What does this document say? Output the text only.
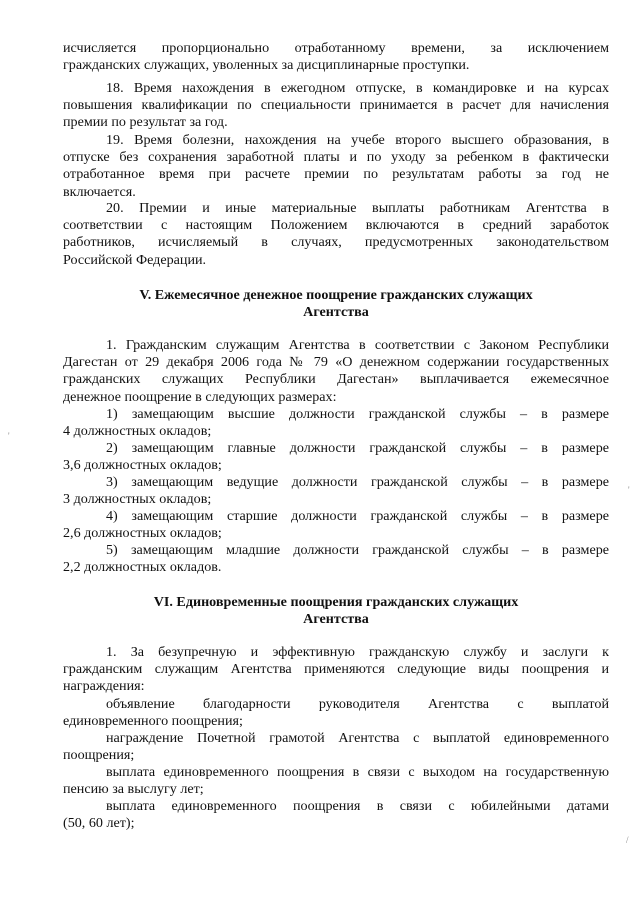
исчисляется пропорционально отработанному времени, за исключением
гражданских служащих, уволенных за дисциплинарные проступки.
18. Время нахождения в ежегодном отпуске, в командировке и на курсах
повышения квалификации по специальности принимается в расчет для начисления
премии по результат за год.
19. Время болезни, нахождения на учебе второго высшего образования, в
отпуске без сохранения заработной платы и по уходу за ребенком в фактически
отработанное время при расчете премии по результатам работы за год не
включается.
20. Премии и иные материальные выплаты работникам Агентства в
соответствии с настоящим Положением включаются в средний заработок
работников, исчисляемый в случаях, предусмотренных законодательством
Российской Федерации.
V. Ежемесячное денежное поощрение гражданских служащих
Агентства
1. Гражданским служащим Агентства в соответствии с Законом Республики
Дагестан от 29 декабря 2006 года № 79 «О денежном содержании государственных
гражданских служащих Республики Дагестан» выплачивается ежемесячное
денежное поощрение в следующих размерах:
1) замещающим высшие должности гражданской службы – в размере
4 должностных окладов;
2) замещающим главные должности гражданской службы – в размере
3,6 должностных окладов;
3) замещающим ведущие должности гражданской службы – в размере
3 должностных окладов;
4) замещающим старшие должности гражданской службы – в размере
2,6 должностных окладов;
5) замещающим младшие должности гражданской службы – в размере
2,2 должностных окладов.
VI. Единовременные поощрения гражданских служащих
Агентства
1. За безупречную и эффективную гражданскую службу и заслуги к
гражданским служащим Агентства применяются следующие виды поощрения и
награждения:
объявление благодарности руководителя Агентства с выплатой
единовременного поощрения;
награждение Почетной грамотой Агентства с выплатой единовременного
поощрения;
выплата единовременного поощрения в связи с выходом на государственную
пенсию за выслугу лет;
выплата единовременного поощрения в связи с юбилейными датами
(50, 60 лет);
'
'
/
